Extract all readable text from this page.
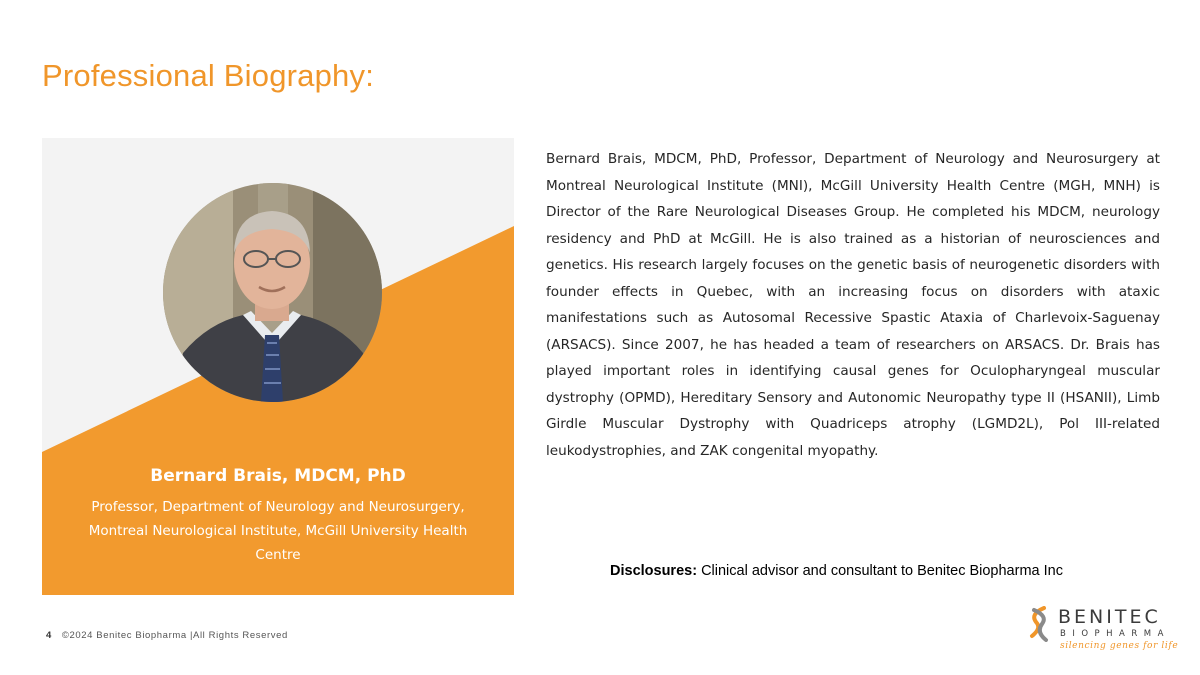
Professional Biography:
Bernard Brais, MDCM, PhD
Professor, Department of Neurology and Neurosurgery, Montreal Neurological Institute, McGill University Health Centre
Bernard Brais, MDCM, PhD, Professor, Department of Neurology and Neurosurgery at Montreal Neurological Institute (MNI), McGill University Health Centre (MGH, MNH) is Director of the Rare Neurological Diseases Group. He completed his MDCM, neurology residency and PhD at McGill. He is also trained as a historian of neurosciences and genetics. His research largely focuses on the genetic basis of neurogenetic disorders with founder effects in Quebec, with an increasing focus on disorders with ataxic manifestations such as Autosomal Recessive Spastic Ataxia of Charlevoix-Saguenay (ARSACS). Since 2007, he has headed a team of researchers on ARSACS. Dr. Brais has played important roles in identifying causal genes for Oculopharyngeal muscular dystrophy (OPMD), Hereditary Sensory and Autonomic Neuropathy type II (HSANII), Limb Girdle Muscular Dystrophy with Quadriceps atrophy (LGMD2L), Pol III-related leukodystrophies, and ZAK congenital myopathy.
Disclosures: Clinical advisor and consultant to Benitec Biopharma Inc
4 ©2024 Benitec Biopharma |All Rights Reserved
BENITEC
BIOPHARMA
silencing genes for life
